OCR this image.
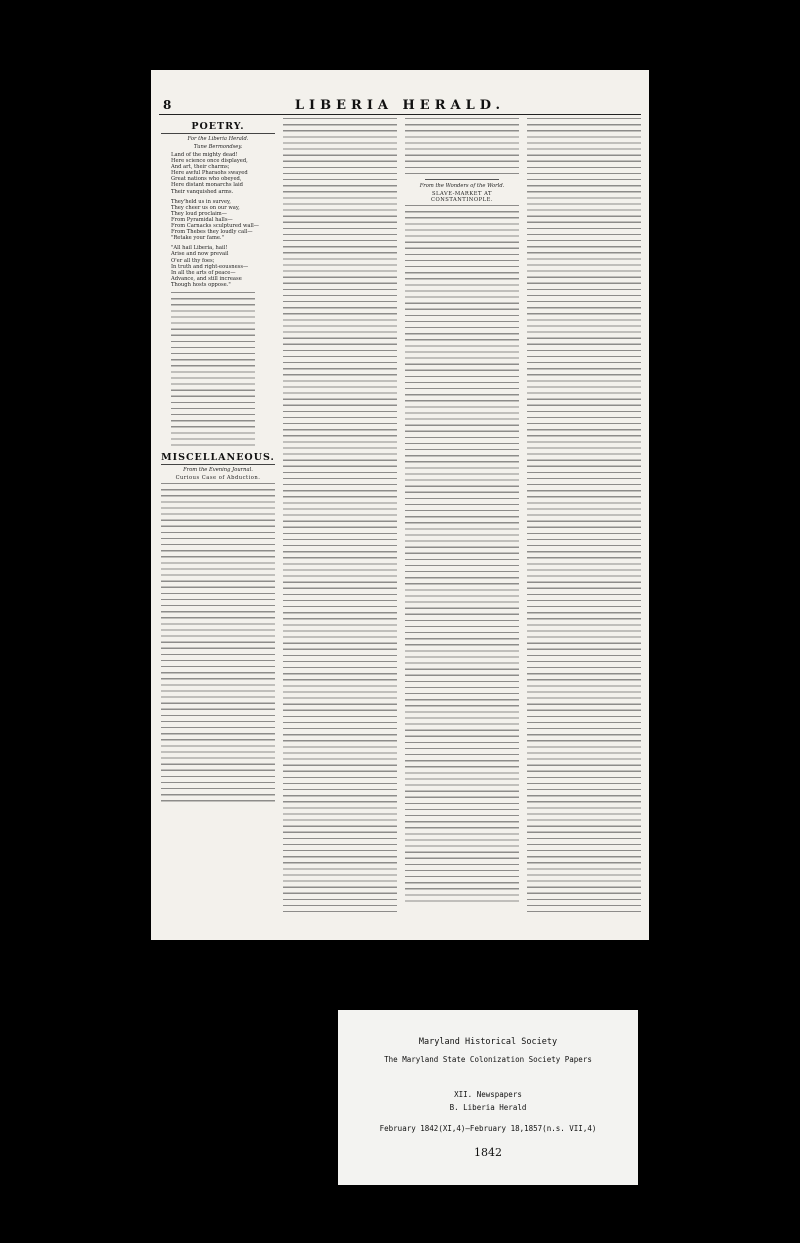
8	LIBERIA HERALD.
POETRY.
For the Liberia Herald.
Tune Bermondsey.
Land of the mighty dead!
Here science once displayed,
And art, their charms;
Here awful Pharaohs swayed
Great nations who obeyed,
Here distant monarchs laid
Their vanquished arms.
They'held us in survey,
They cheer us on our way,
They loud proclaim—
From Pyramidal halls—
From Carnacks sculptured wall—
From Thebes they loudly call—
"Retake your fame."
"All hail Liberia, hail!
Arise and now prevail
O'er all thy foes;
In truth and right-eousness—
In all the arts of peace—
Advance, and still increase
Though hosts oppose."
MISCELLANEOUS.
From the Evening Journal.
Curious Case of Abduction.
From the Wonders of the World.
SLAVE-MARKET AT CONSTANTINOPLE.
Maryland Historical Society
The Maryland State Colonization Society Papers
XII. Newspapers
B. Liberia Herald
February 1842(XI,4)—February 18,1857(n.s. VII,4)
1842
